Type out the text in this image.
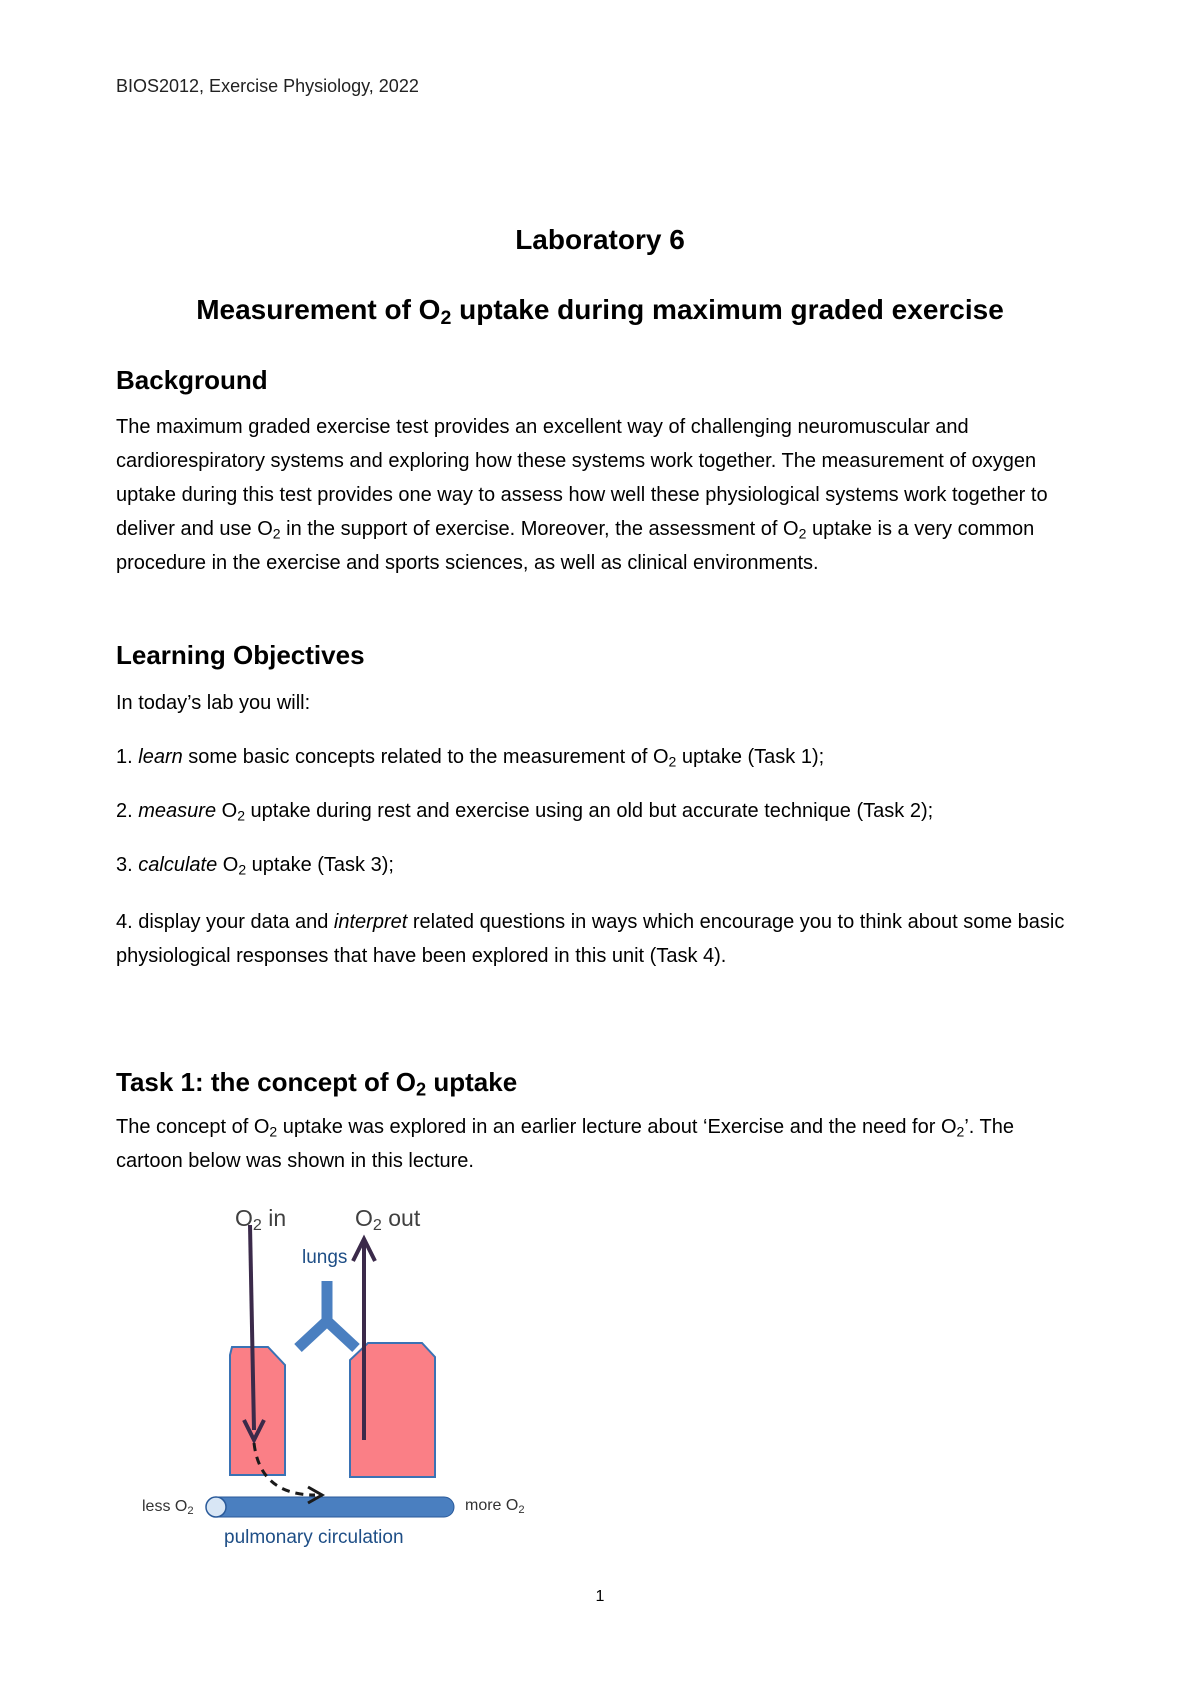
BIOS2012, Exercise Physiology, 2022
Laboratory 6
Measurement of $O_2$ uptake during maximum graded exercise
Background
The maximum graded exercise test provides an excellent way of challenging neuromuscular and cardiorespiratory systems and exploring how these systems work together. The measurement of oxygen uptake during this test provides one way to assess how well these physiological systems work together to deliver and use $O_2$ in the support of exercise. Moreover, the assessment of $O_2$ uptake is a very common procedure in the exercise and sports sciences, as well as clinical environments.
Learning Objectives
In today’s lab you will:
1. learn some basic concepts related to the measurement of $O_2$ uptake (Task 1);
2. measure $O_2$ uptake during rest and exercise using an old but accurate technique (Task 2);
3. calculate $O_2$ uptake (Task 3);
4. display your data and interpret related questions in ways which encourage you to think about some basic physiological responses that have been explored in this unit (Task 4).
Task 1: the concept of $O_2$ uptake
The concept of $O_2$ uptake was explored in an earlier lecture about ‘Exercise and the need for $O_2$’. The cartoon below was shown in this lecture.
$O_2$ in	$O_2$ out
lungs
less $O_2$	more $O_2$
pulmonary circulation
1
